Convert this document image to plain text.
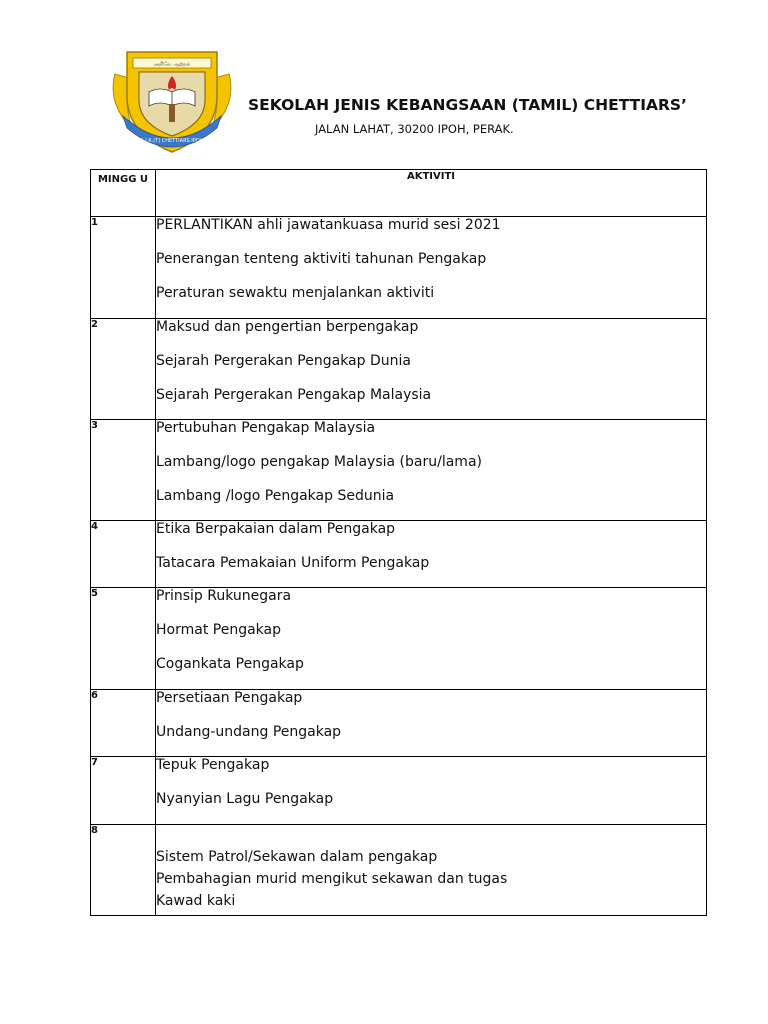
அறிவே ஆற்றல்
S.J.K.(T) CHETTIARS IPOH
SEKOLAH JENIS KEBANGSAAN (TAMIL) CHETTIARS’
JALAN LAHAT, 30200 IPOH, PERAK.
MINGG U	AKTIVITI
1	PERLANTIKAN ahli jawatankuasa murid sesi 2021
Penerangan tenteng aktiviti tahunan Pengakap
Peraturan sewaktu menjalankan aktiviti

2	Maksud dan pengertian berpengakap
Sejarah Pergerakan Pengakap Dunia
Sejarah Pergerakan Pengakap Malaysia

3	Pertubuhan Pengakap Malaysia
Lambang/logo pengakap Malaysia (baru/lama)
Lambang /logo Pengakap Sedunia

4	Etika Berpakaian dalam Pengakap
Tatacara Pemakaian Uniform Pengakap

5	Prinsip Rukunegara
Hormat Pengakap
Cogankata Pengakap

6	Persetiaan Pengakap
Undang-undang Pengakap

7	Tepuk Pengakap
Nyanyian Lagu Pengakap

8	Sistem Patrol/Sekawan dalam pengakap
Pembahagian murid mengikut sekawan dan tugas
Kawad kaki
